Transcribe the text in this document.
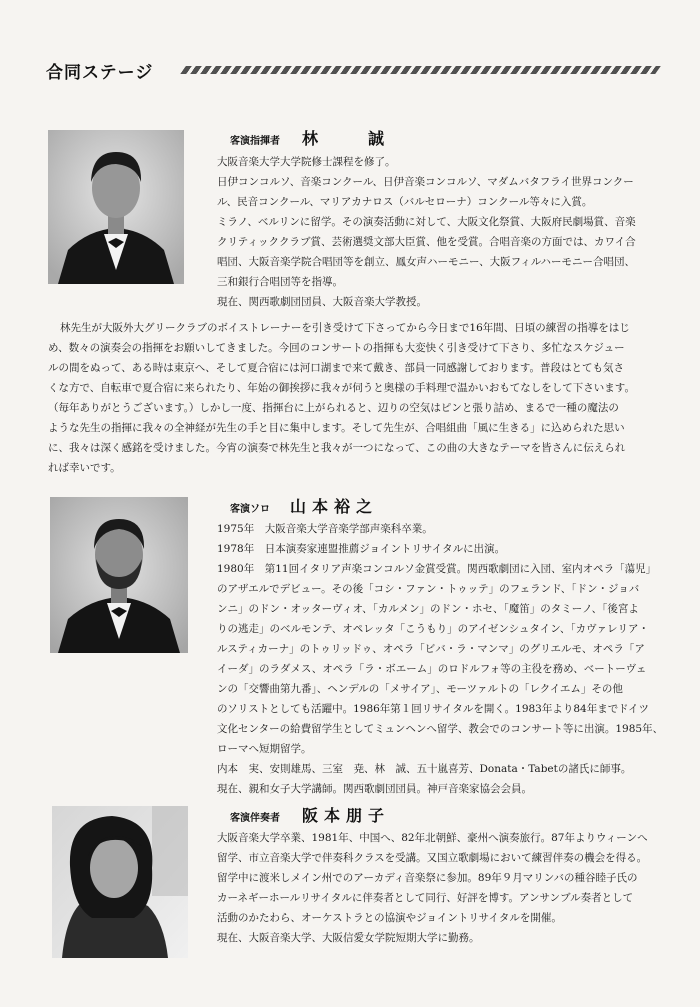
合同ステージ
客演指揮者 林　　誠
大阪音楽大学大学院修士課程を修了。
日伊コンコルソ、音楽コンクール、日伊音楽コンコルソ、マダムバタフライ世界コンクー
ル、民音コンクール、マリアカナロス（バルセローナ）コンクール等々に入賞。
ミラノ、ベルリンに留学。その演奏活動に対して、大阪文化祭賞、大阪府民劇場賞、音楽
クリティッククラブ賞、芸術選奨文部大臣賞、他を受賞。合唱音楽の方面では、カワイ合
唱団、大阪音楽学院合唱団等を創立、鳳女声ハーモニー、大阪フィルハーモニー合唱団、
三和銀行合唱団等を指導。
現在、関西歌劇団団員、大阪音楽大学教授。
林先生が大阪外大グリークラブのボイストレーナーを引き受けて下さってから今日まで16年間、日頃の練習の指導をはじ
め、数々の演奏会の指揮をお願いしてきました。今回のコンサートの指揮も大変快く引き受けて下さり、多忙なスケジュー
ルの間をぬって、ある時は東京へ、そして夏合宿には河口湖まで来て戴き、部員一同感謝しております。普段はとても気さ
くな方で、自転車で夏合宿に来られたり、年始の御挨拶に我々が伺うと奥様の手料理で温かいおもてなしをして下さいます。
（毎年ありがとうございます。）しかし一度、指揮台に上がられると、辺りの空気はピンと張り詰め、まるで一種の魔法の
ような先生の指揮に我々の全神経が先生の手と目に集中します。そして先生が、合唱組曲「風に生きる」に込められた思い
に、我々は深く感銘を受けました。今宵の演奏で林先生と我々が一つになって、この曲の大きなテーマを皆さんに伝えられ
れば幸いです。
客演ソロ 山本裕之
1975年　大阪音楽大学音楽学部声楽科卒業。
1978年　日本演奏家連盟推薦ジョイントリサイタルに出演。
1980年　第11回イタリア声楽コンコルソ金賞受賞。関西歌劇団に入団、室内オペラ「蕩児」
のアザエルでデビュー。その後「コシ・ファン・トゥッテ」のフェランド、「ドン・ジョバ
ンニ」のドン・オッターヴィオ、「カルメン」のドン・ホセ、「魔笛」のタミーノ、「後宮よ
りの逃走」のベルモンテ、オペレッタ「こうもり」のアイゼンシュタイン、「カヴァレリア・
ルスティカーナ」のトゥリッドゥ、オペラ「ビバ・ラ・マンマ」のグリエルモ、オペラ「ア
イーダ」のラダメス、オペラ「ラ・ボエーム」のロドルフォ等の主役を務め、ベートーヴェ
ンの「交響曲第九番」、ヘンデルの「メサイア」、モーツァルトの「レクイエム」その他
のソリストとしても活躍中。1986年第１回リサイタルを開く。1983年より84年までドイツ
文化センターの給費留学生としてミュンヘンへ留学、教会でのコンサート等に出演。1985年、
ローマへ短期留学。
内本　実、安則雄馬、三室　尭、林　誠、五十嵐喜芳、Donata・Tabetの諸氏に師事。
現在、親和女子大学講師。関西歌劇団団員。神戸音楽家協会会員。
客演伴奏者 阪本朋子
大阪音楽大学卒業、1981年、中国へ、82年北朝鮮、豪州へ演奏旅行。87年よりウィーンへ
留学、市立音楽大学で伴奏科クラスを受講。又国立歌劇場において練習伴奏の機会を得る。
留学中に渡米しメイン州でのアーカディ音楽祭に参加。89年９月マリンバの種谷睦子氏の
カーネギーホールリサイタルに伴奏者として同行、好評を博す。アンサンブル奏者として
活動のかたわら、オーケストラとの協演やジョイントリサイタルを開催。
現在、大阪音楽大学、大阪信愛女学院短期大学に勤務。
